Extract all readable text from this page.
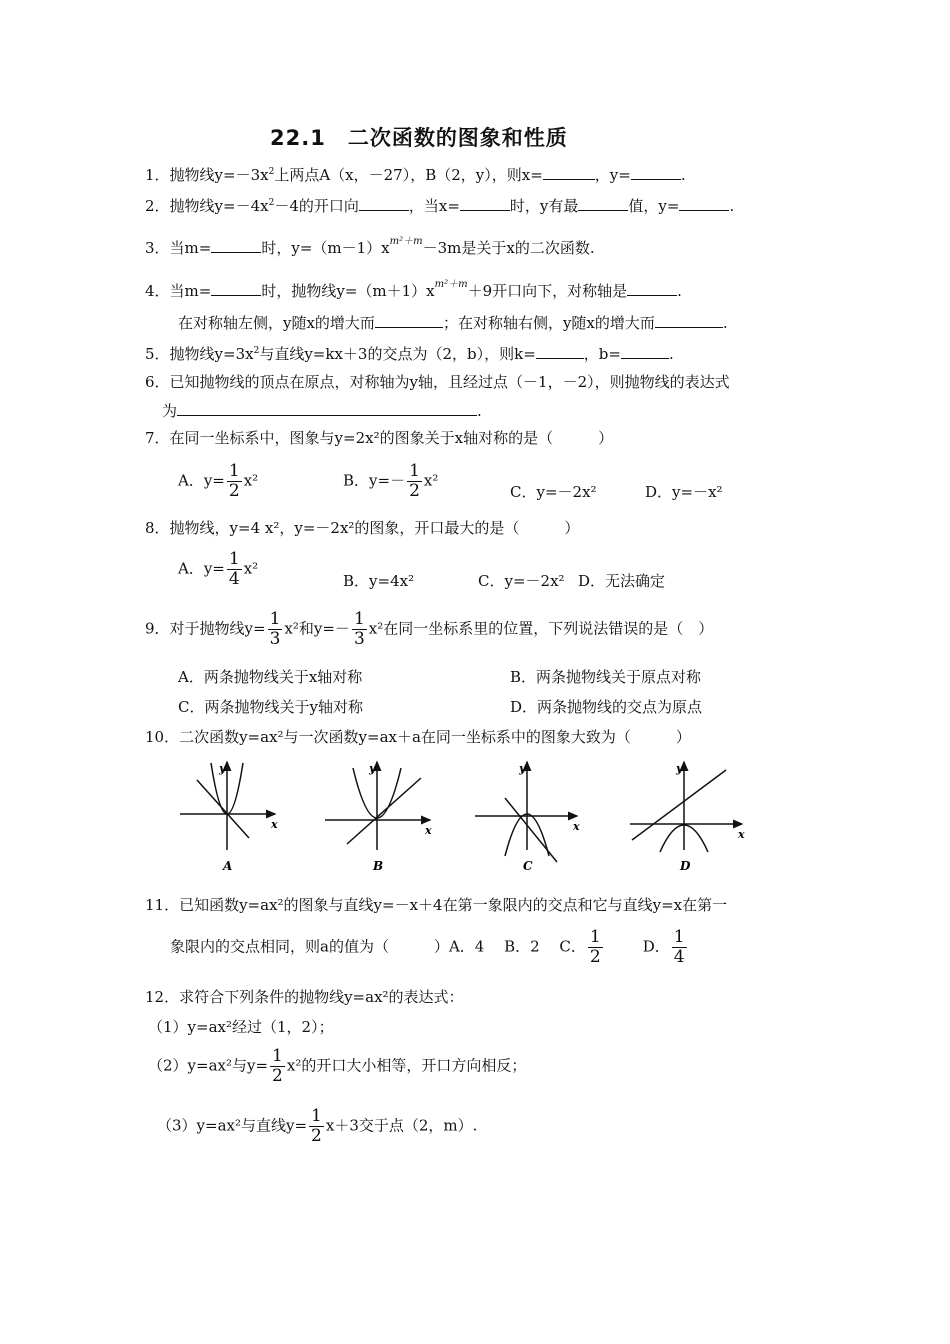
22.1　二次函数的图象和性质
1．抛物线$y=-3x^2$上两点A（x，－27），B（2，y），则x=	，y=	.
2．抛物线$y=-4x^2-4$的开口向	，当x=	时，y有最	值，y=	.
3．当m=	时，$y=(m-1)x^{m^2+m}-3m$是关于x的二次函数.
4．当m=	时，抛物线$y=(m+1)x^{m^2+m}+9$开口向下，对称轴是	.
在对称轴左侧，y随x的增大而	；在对称轴右侧，y随x的增大而	.
5．抛物线$y=3x^2$与直线y=kx＋3的交点为（2，b），则k=	，b=	.
6．已知抛物线的顶点在原点，对称轴为y轴，且经过点（－1，－2），则抛物线的表达式
为	.
7．在同一坐标系中，图象与y=2x²的图象关于x轴对称的是（　　　）
A．$y= \frac{1}{2} x^2$	B．$y=- \frac{1}{2} x^2$
C．y=－2x²	D．y=－x²
8．抛物线，y=4 x²，y=－2x²的图象，开口最大的是（　　　）
A．$y= \frac{1}{4} x^2$
B．y=4x²	C．y=－2x² D．无法确定
9．对于抛物线$y= \frac{1}{3} x^2$和$y=- \frac{1}{3} x^2$在同一坐标系里的位置，下列说法错误的是（　）
A．两条抛物线关于x轴对称	B．两条抛物线关于原点对称
C．两条抛物线关于y轴对称	D．两条抛物线的交点为原点
10．二次函数y=ax²与一次函数y=ax＋a在同一坐标系中的图象大致为（　　　）
y
x
A
y
x
B
y
x
C
y
x
D
11．已知函数y=ax²的图象与直线y=－x＋4在第一象限内的交点和它与直线y=x在第一
象限内的交点相同，则a的值为（　　　）A．4　 B．2　 C． $\frac{1}{2}$	D． $\frac{1}{4}$
12．求符合下列条件的抛物线y=ax²的表达式：
（1）y=ax²经过（1，2）；
（2）y=ax²与$y= \frac{1}{2} x^2$的开口大小相等，开口方向相反；
（3）y=ax²与直线$y= \frac{1}{2} x+3$交于点（2，m）.
